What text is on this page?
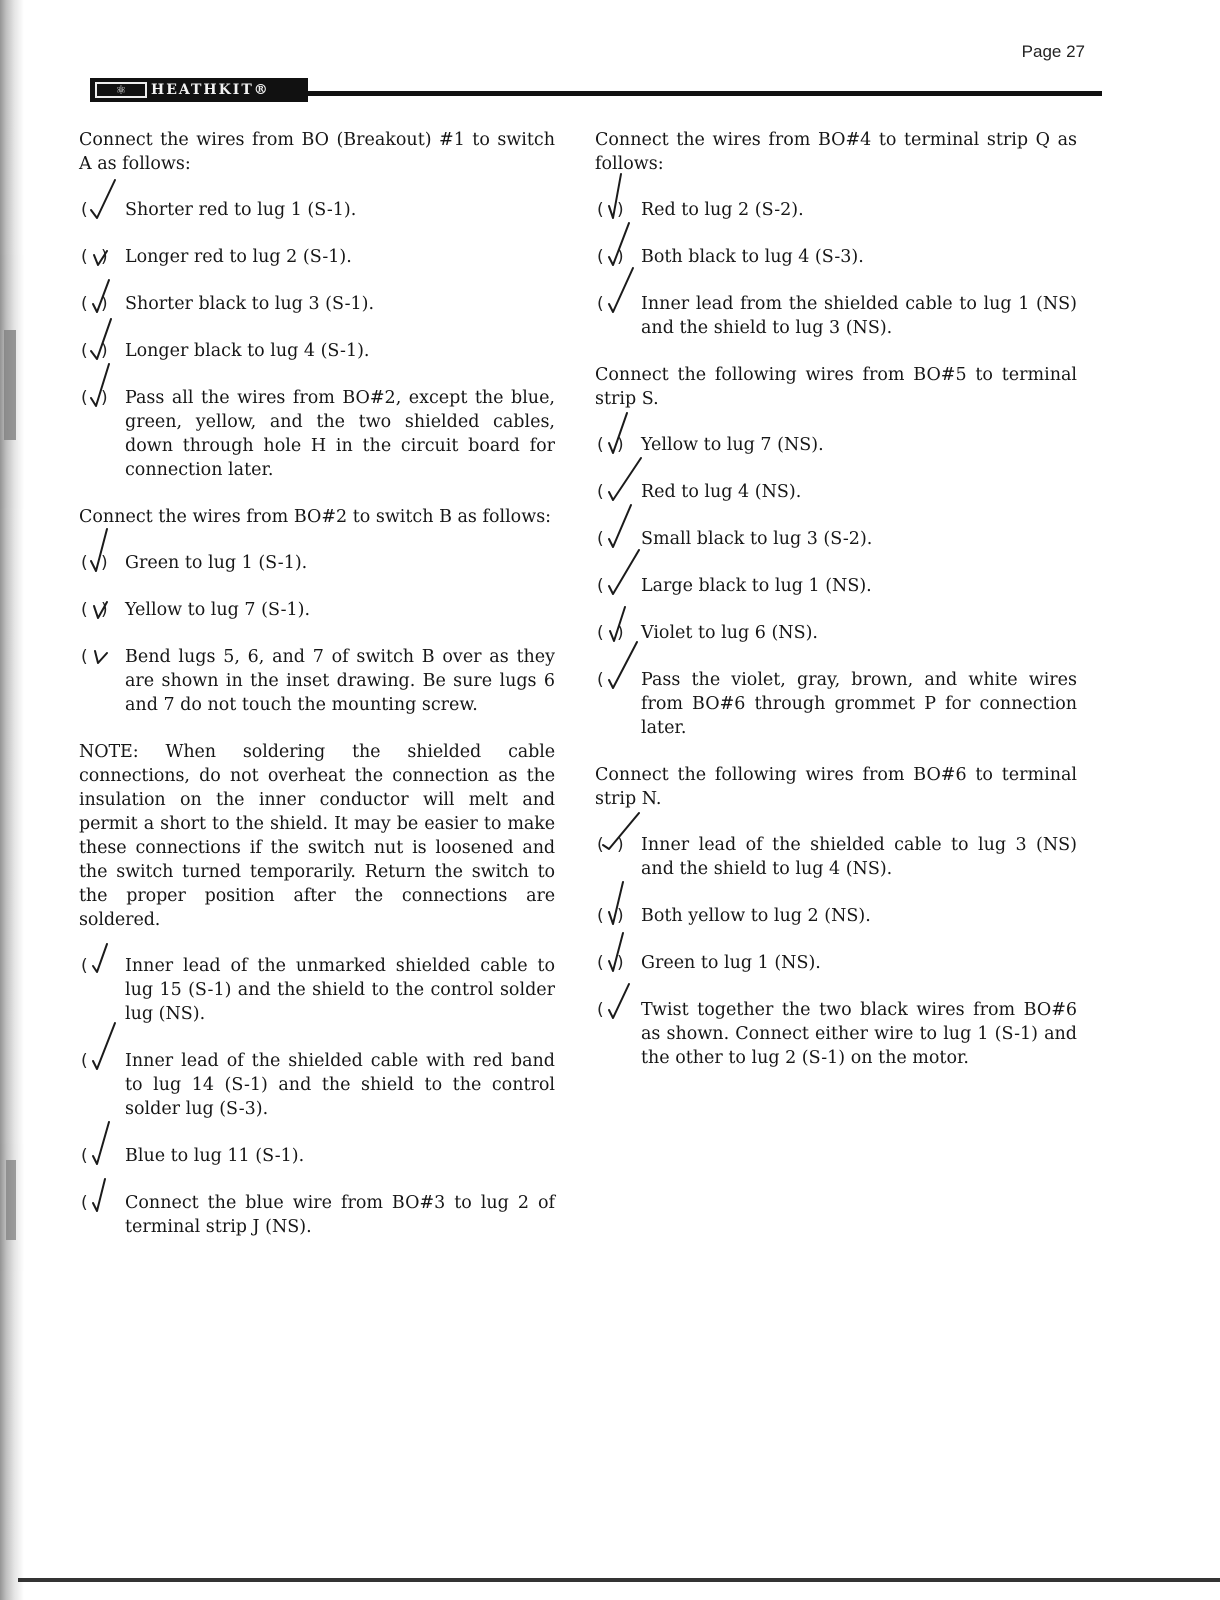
Page 27
⚛	HEATHKIT®

Connect the wires from BO (Breakout) #1 to switch A as follows:

( Shorter red to lug 1 (S-1).
( ) Longer red to lug 2 (S-1).
( ) Shorter black to lug 3 (S-1).
( ) Longer black to lug 4 (S-1).
( ) Pass all the wires from BO#2, except the blue, green, yellow, and the two shielded cables, down through hole H in the circuit board for connection later.

Connect the wires from BO#2 to switch B as follows:

( ) Green to lug 1 (S-1).
( ) Yellow to lug 7 (S-1).
( Bend lugs 5, 6, and 7 of switch B over as they are shown in the inset drawing. Be sure lugs 6 and 7 do not touch the mounting screw.

NOTE: When soldering the shielded cable connections, do not overheat the connection as the insulation on the inner conductor will melt and permit a short to the shield. It may be easier to make these connections if the switch nut is loosened and the switch turned temporarily. Return the switch to the proper position after the connections are soldered.

( Inner lead of the unmarked shielded cable to lug 15 (S-1) and the shield to the control solder lug (NS).
( Inner lead of the shielded cable with red band to lug 14 (S-1) and the shield to the control solder lug (S-3).
( Blue to lug 11 (S-1).
( Connect the blue wire from BO#3 to lug 2 of terminal strip J (NS).

Connect the wires from BO#4 to terminal strip Q as follows:

( ) Red to lug 2 (S-2).
( ) Both black to lug 4 (S-3).
( Inner lead from the shielded cable to lug 1 (NS) and the shield to lug 3 (NS).

Connect the following wires from BO#5 to terminal strip S.

( ) Yellow to lug 7 (NS).
( Red to lug 4 (NS).
( Small black to lug 3 (S-2).
( Large black to lug 1 (NS).
( ) Violet to lug 6 (NS).
( Pass the violet, gray, brown, and white wires from BO#6 through grommet P for connection later.

Connect the following wires from BO#6 to terminal strip N.

( ) Inner lead of the shielded cable to lug 3 (NS) and the shield to lug 4 (NS).
( ) Both yellow to lug 2 (NS).
( ) Green to lug 1 (NS).
( Twist together the two black wires from BO#6 as shown. Connect either wire to lug 1 (S-1) and the other to lug 2 (S-1) on the motor.
